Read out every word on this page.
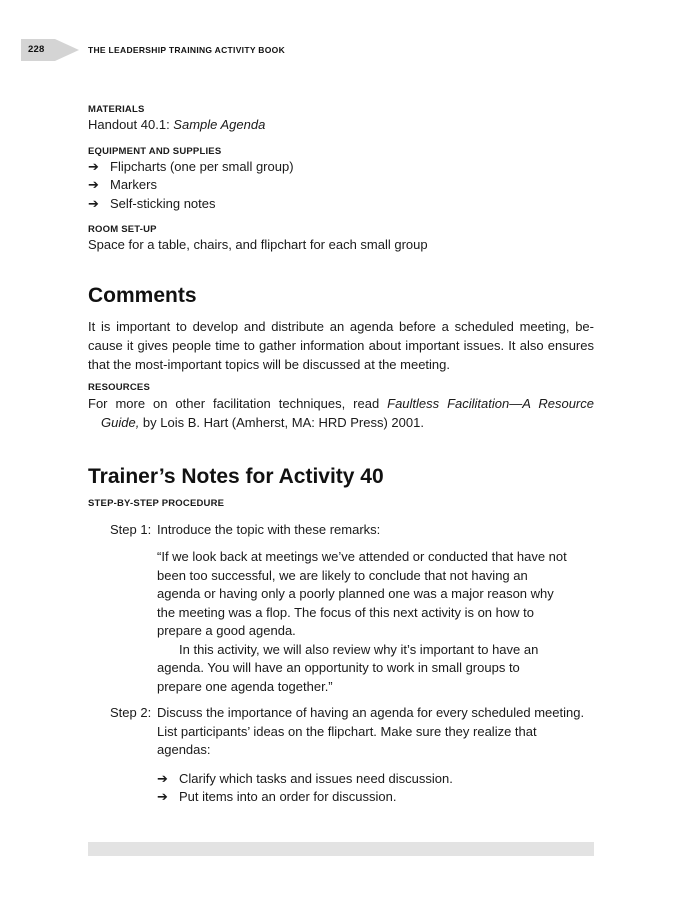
228	THE LEADERSHIP TRAINING ACTIVITY BOOK

MATERIALS

Handout 40.1: Sample Agenda

EQUIPMENT AND SUPPLIES

➔ Flipcharts (one per small group)
➔ Markers
➔ Self-sticking notes

ROOM SET-UP

Space for a table, chairs, and flipchart for each small group

Comments

It is important to develop and distribute an agenda before a scheduled meeting, be-cause it gives people time to gather information about important issues. It also ensures that the most-important topics will be discussed at the meeting.

RESOURCES

For more on other facilitation techniques, read Faultless Facilitation—A Resource Guide, by Lois B. Hart (Amherst, MA: HRD Press) 2001.

Trainer’s Notes for Activity 40

STEP-BY-STEP PROCEDURE

Step 1: Introduce the topic with these remarks:
“If we look back at meetings we’ve attended or conducted that have not been too successful, we are likely to conclude that not having an agenda or having only a poorly planned one was a major reason why the meeting was a flop. The focus of this next activity is on how to prepare a good agenda.
In this activity, we will also review why it’s important to have an agenda. You will have an opportunity to work in small groups to prepare one agenda together.”
Step 2: Discuss the importance of having an agenda for every scheduled meeting. List participants’ ideas on the flipchart. Make sure they realize that agendas:
➔ Clarify which tasks and issues need discussion.
➔ Put items into an order for discussion.
